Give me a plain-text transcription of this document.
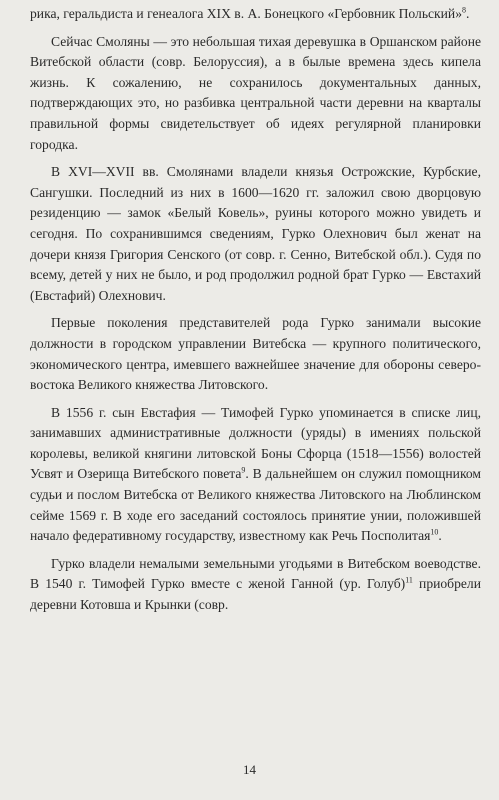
рика, геральдиста и генеалога XIX в. А. Бонецкого «Гербовник Польский»$^8$.

Сейчас Смоляны — это небольшая тихая деревушка в Оршанском районе Витебской области (совр. Белоруссия), а в былые времена здесь кипела жизнь. К сожалению, не сохранилось документальных данных, подтверждающих это, но разбивка центральной части деревни на кварталы правильной формы свидетельствует об идеях регулярной планировки городка.

В XVI—XVII вв. Смолянами владели князья Острожские, Курбские, Сангушки. Последний из них в 1600—1620 гг. заложил свою дворцовую резиденцию — замок «Белый Ковель», руины которого можно увидеть и сегодня. По сохранившимся сведениям, Гурко Олехнович был женат на дочери князя Григория Сенского (от совр. г. Сенно, Витебской обл.). Судя по всему, детей у них не было, и род продолжил родной брат Гурко — Евстахий (Евстафий) Олехнович.

Первые поколения представителей рода Гурко занимали высокие должности в городском управлении Витебска — крупного политического, экономического центра, имевшего важнейшее значение для обороны северо-востока Великого княжества Литовского.

В 1556 г. сын Евстафия — Тимофей Гурко упоминается в списке лиц, занимавших административные должности (уряды) в имениях польской королевы, великой княгини литовской Боны Сфорца (1518—1556) волостей Усвят и Озерища Витебского повета$^9$. В дальнейшем он служил помощником судьи и послом Витебска от Великого княжества Литовского на Люблинском сейме 1569 г. В ходе его заседаний состоялось принятие унии, положившей начало федеративному государству, известному как Речь Посполитая$^{10}$.

Гурко владели немалыми земельными угодьями в Витебском воеводстве. В 1540 г. Тимофей Гурко вместе с женой Ганной (ур. Голуб)$^{11}$ приобрели деревни Котовша и Крынки (совр.

14
